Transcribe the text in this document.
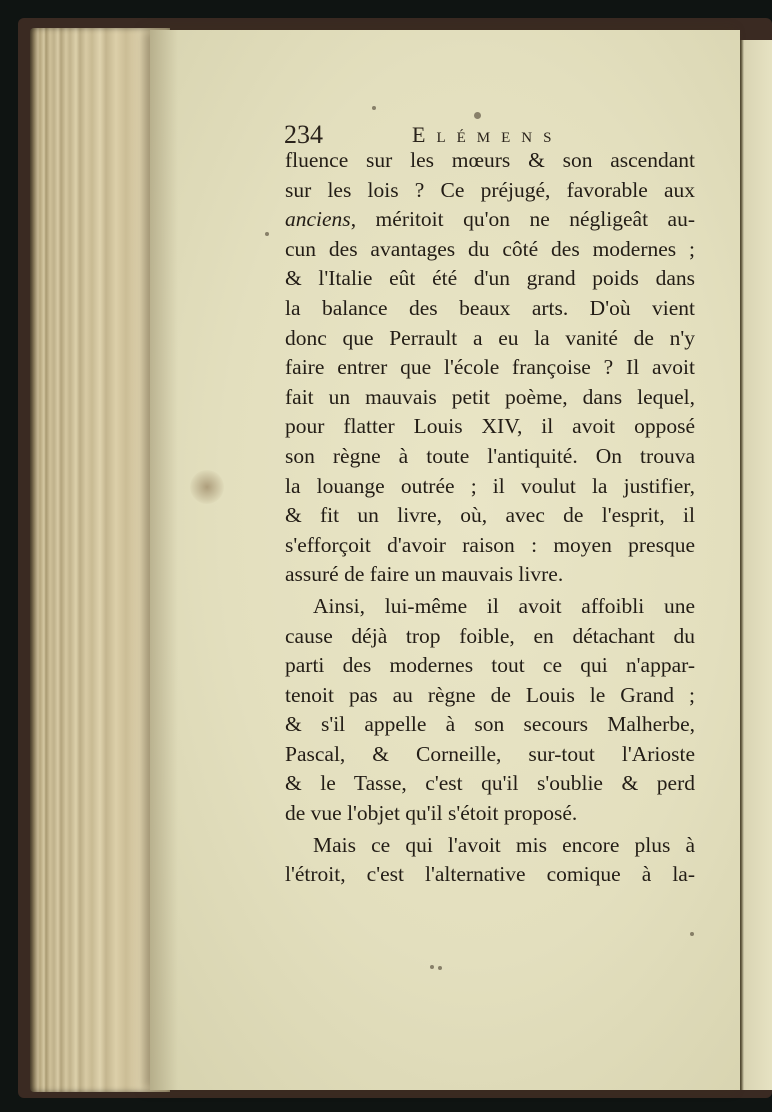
234	Elémens
fluence sur les mœurs & son ascendant
sur les lois ? Ce préjugé, favorable aux
anciens, méritoit qu'on ne négligeât au-
cun des avantages du côté des modernes ;
& l'Italie eût été d'un grand poids dans
la balance des beaux arts. D'où vient
donc que Perrault a eu la vanité de n'y
faire entrer que l'école françoise ? Il avoit
fait un mauvais petit poème, dans lequel,
pour flatter Louis XIV, il avoit opposé
son règne à toute l'antiquité. On trouva
la louange outrée ; il voulut la justifier,
& fit un livre, où, avec de l'esprit, il
s'efforçoit d'avoir raison : moyen presque
assuré de faire un mauvais livre.
Ainsi, lui-même il avoit affoibli une
cause déjà trop foible, en détachant du
parti des modernes tout ce qui n'appar-
tenoit pas au règne de Louis le Grand ;
& s'il appelle à son secours Malherbe,
Pascal, & Corneille, sur-tout l'Arioste
& le Tasse, c'est qu'il s'oublie & perd
de vue l'objet qu'il s'étoit proposé.
Mais ce qui l'avoit mis encore plus à
l'étroit, c'est l'alternative comique à la-
